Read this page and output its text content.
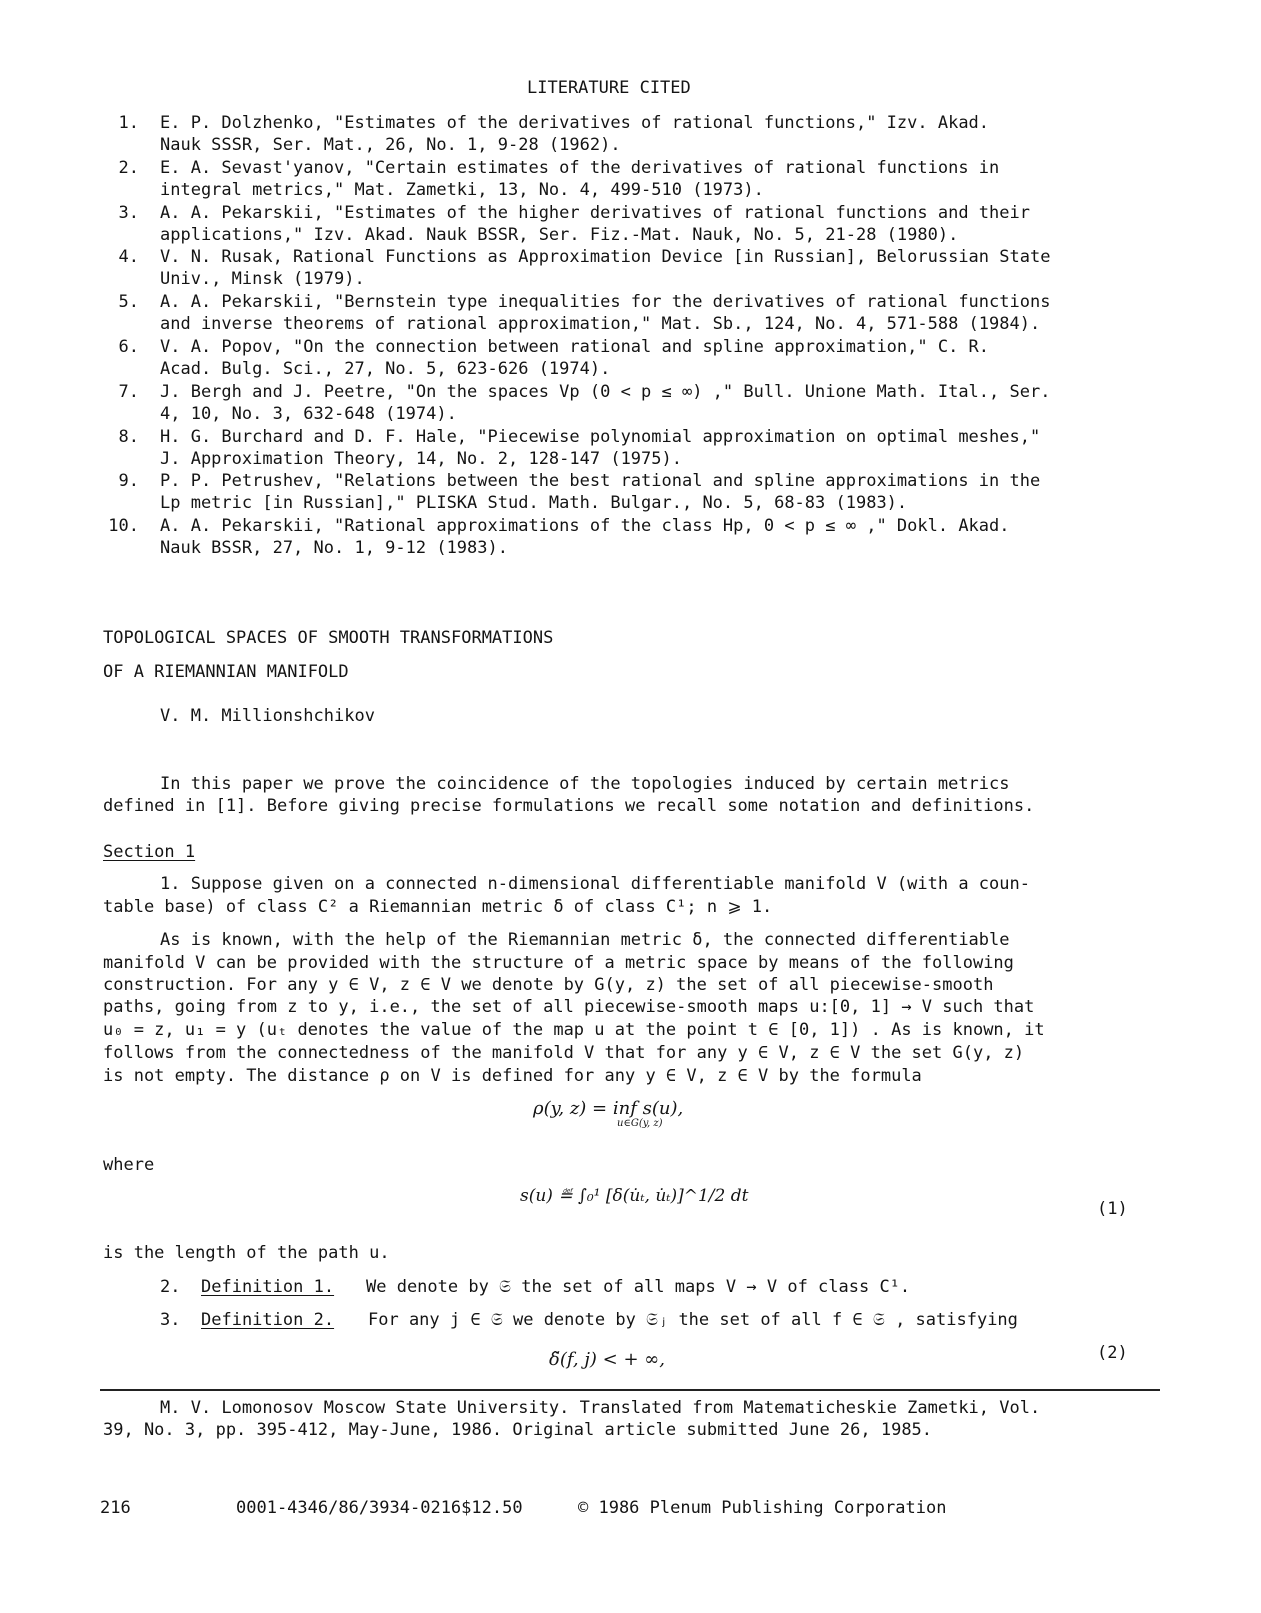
LITERATURE CITED
1. E. P. Dolzhenko, "Estimates of the derivatives of rational functions," Izv. Akad.
Nauk SSSR, Ser. Mat., 26, No. 1, 9-28 (1962).
2. E. A. Sevast'yanov, "Certain estimates of the derivatives of rational functions in
integral metrics," Mat. Zametki, 13, No. 4, 499-510 (1973).
3. A. A. Pekarskii, "Estimates of the higher derivatives of rational functions and their
applications," Izv. Akad. Nauk BSSR, Ser. Fiz.-Mat. Nauk, No. 5, 21-28 (1980).
4. V. N. Rusak, Rational Functions as Approximation Device [in Russian], Belorussian State
Univ., Minsk (1979).
5. A. A. Pekarskii, "Bernstein type inequalities for the derivatives of rational functions
and inverse theorems of rational approximation," Mat. Sb., 124, No. 4, 571-588 (1984).
6. V. A. Popov, "On the connection between rational and spline approximation," C. R.
Acad. Bulg. Sci., 27, No. 5, 623-626 (1974).
7. J. Bergh and J. Peetre, "On the spaces Vp (0 < p ≤ ∞) ," Bull. Unione Math. Ital., Ser.
4, 10, No. 3, 632-648 (1974).
8. H. G. Burchard and D. F. Hale, "Piecewise polynomial approximation on optimal meshes,"
J. Approximation Theory, 14, No. 2, 128-147 (1975).
9. P. P. Petrushev, "Relations between the best rational and spline approximations in the
Lp metric [in Russian]," PLISKA Stud. Math. Bulgar., No. 5, 68-83 (1983).
10. A. A. Pekarskii, "Rational approximations of the class Hp, 0 < p ≤ ∞ ," Dokl. Akad.
Nauk BSSR, 27, No. 1, 9-12 (1983).
TOPOLOGICAL SPACES OF SMOOTH TRANSFORMATIONS
OF A RIEMANNIAN MANIFOLD
V. M. Millionshchikov
In this paper we prove the coincidence of the topologies induced by certain metrics
defined in [1]. Before giving precise formulations we recall some notation and definitions.
Section 1
1. Suppose given on a connected n-dimensional differentiable manifold V (with a coun-
table base) of class C² a Riemannian metric δ of class C¹; n ⩾ 1.
As is known, with the help of the Riemannian metric δ, the connected differentiable
manifold V can be provided with the structure of a metric space by means of the following
construction. For any y ∈ V, z ∈ V we denote by G(y, z) the set of all piecewise-smooth
paths, going from z to y, i.e., the set of all piecewise-smooth maps u:[0, 1] → V such that
u₀ = z, u₁ = y (uₜ denotes the value of the map u at the point t ∈ [0, 1]) . As is known, it
follows from the connectedness of the manifold V that for any y ∈ V, z ∈ V the set G(y, z)
is not empty. The distance ρ on V is defined for any y ∈ V, z ∈ V by the formula
ρ(y, z) = inf s(u),
u∈G(y, z)
where
s(u) ≝ ∫₀¹ [δ(u̇ₜ, u̇ₜ)]^1/2 dt
(1)
is the length of the path u.
2. Definition 1. We denote by 𝔖 the set of all maps V → V of class C¹.
3. Definition 2. For any j ∈ 𝔖 we denote by 𝔖ⱼ the set of all f ∈ 𝔖 , satisfying
δ̃(f, j) < + ∞,	(2)
M. V. Lomonosov Moscow State University. Translated from Matematicheskie Zametki, Vol.
39, No. 3, pp. 395-412, May-June, 1986. Original article submitted June 26, 1985.
216	0001-4346/86/3934-0216$12.50	© 1986 Plenum Publishing Corporation
